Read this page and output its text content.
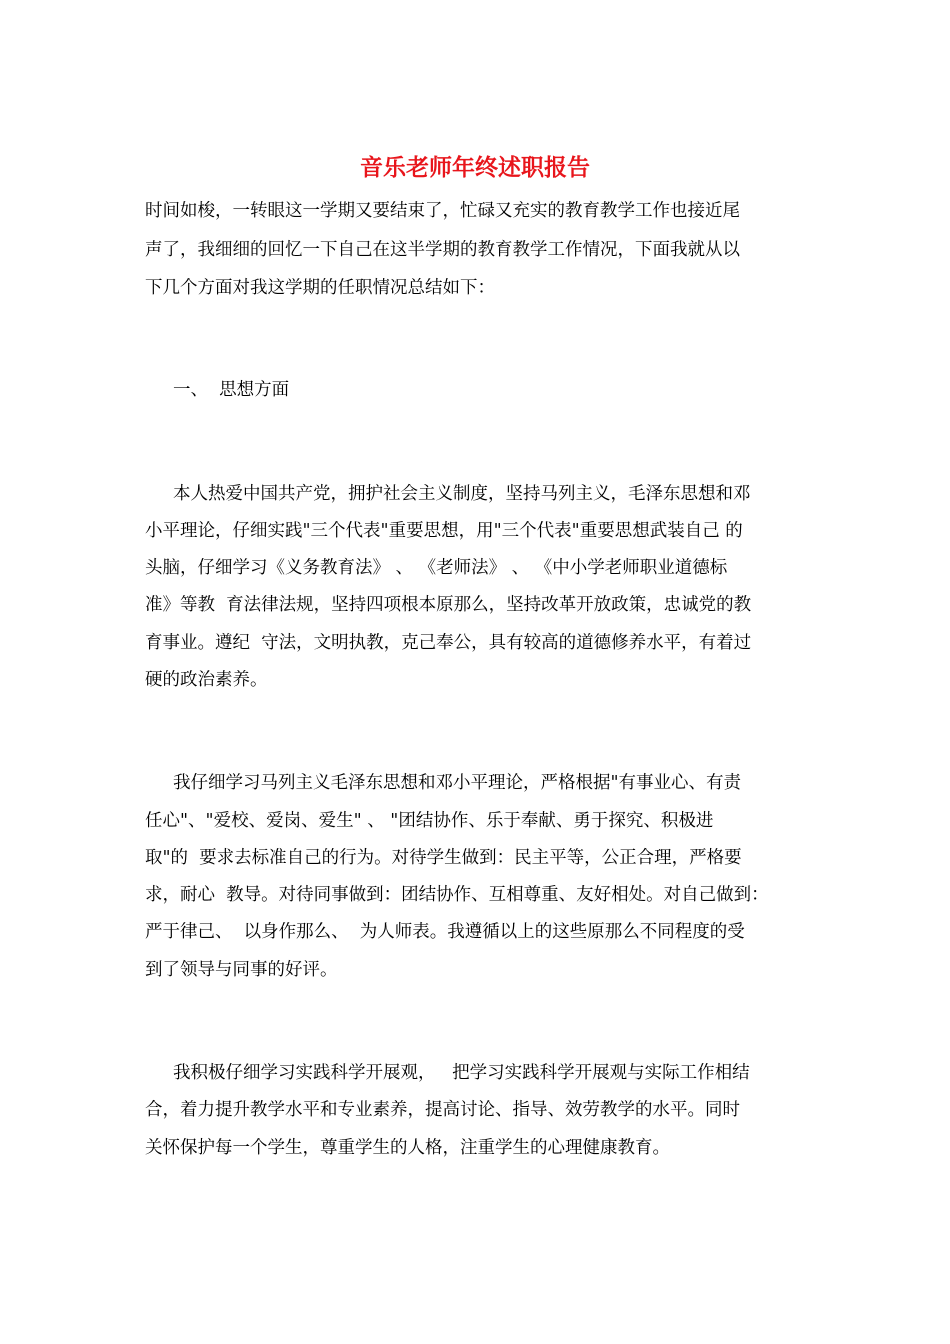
音乐老师年终述职报告

时间如梭，一转眼这一学期又要结束了，忙碌又充实的教育教学工作也接近尾

声了，我细细的回忆一下自己在这半学期的教育教学工作情况，下面我就从以

下几个方面对我这学期的任职情况总结如下：

一、  思想方面

本人热爱中国共产党，拥护社会主义制度，坚持马列主义，毛泽东思想和邓

小平理论，仔细实践"三个代表"重要思想，用"三个代表"重要思想武装自己 的

头脑，仔细学习《义务教育法》 、 《老师法》 、 《中小学老师职业道德标

准》等教  育法律法规，坚持四项根本原那么，坚持改革开放政策，忠诚党的教

育事业。遵纪  守法，文明执教，克己奉公，具有较高的道德修养水平，有着过

硬的政治素养。

我仔细学习马列主义毛泽东思想和邓小平理论，严格根据"有事业心、有责

任心"、"爱校、爱岗、爱生" 、 "团结协作、乐于奉献、勇于探究、积极进

取"的  要求去标准自己的行为。对待学生做到：民主平等，公正合理，严格要

求，耐心  教导。对待同事做到：团结协作、互相尊重、友好相处。对自己做到：

严于律己、  以身作那么、  为人师表。我遵循以上的这些原那么不同程度的受

到了领导与同事的好评。

我积极仔细学习实践科学开展观，   把学习实践科学开展观与实际工作相结

合，着力提升教学水平和专业素养，提高讨论、指导、效劳教学的水平。同时

关怀保护每一个学生，尊重学生的人格，注重学生的心理健康教育。
